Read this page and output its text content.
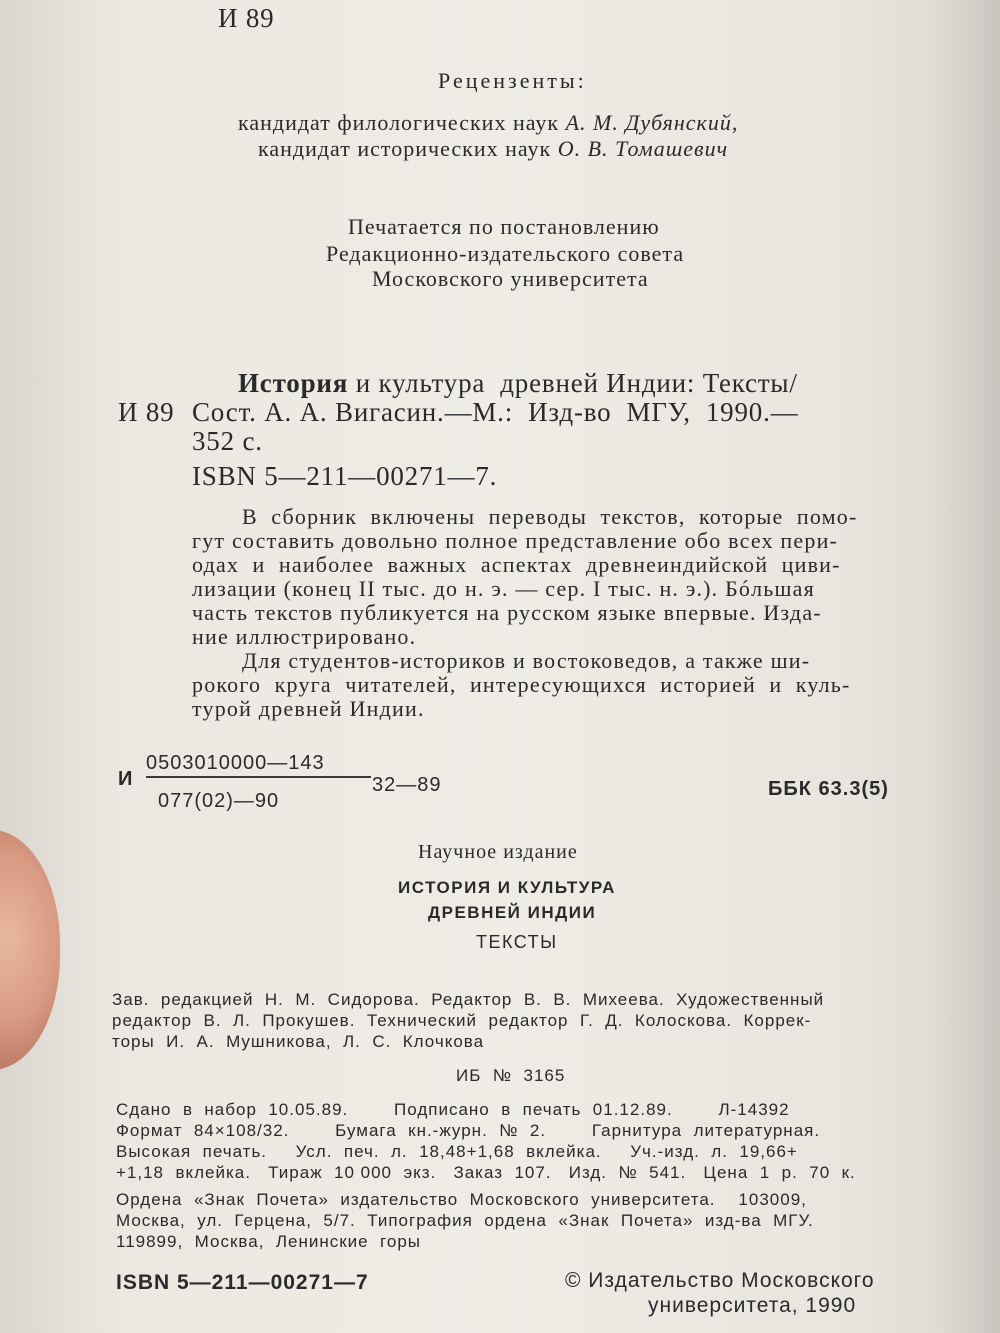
И 89
Рецензенты:
кандидат филологических наук А. М. Дубянский,
кандидат исторических наук О. В. Томашевич
Печатается по постановлению
Редакционно-издательского совета
Московского университета
История и культура  древней Индии: Тексты/
И 89 Сост. А. А. Вигасин.—М.:  Изд-во  МГУ,  1990.—
352 с.
ISBN 5—211—00271—7.
В  сборник  включены  переводы  текстов,  которые  помо-
гут составить довольно полное представление обо всех пери-
одах  и  наиболее  важных  аспектах  древнеиндийской  циви-
лизации (конец II тыс. до н. э. — сер. I тыс. н. э.). Бóльшая
часть текстов публикуется на русском языке впервые. Изда-
ние иллюстрировано.
Для студентов-историков и востоковедов, а также ши-
рокого  круга  читателей,  интересующихся  историей  и  куль-
турой древней Индии.
И
0503010000—143
077(02)—90
32—89	ББК 63.3(5)
Научное издание
ИСТОРИЯ И КУЛЬТУРА
ДРЕВНЕЙ ИНДИИ
ТЕКСТЫ
Зав.  редакцией  Н.  М.  Сидорова.  Редактор  В.  В.  Михеева.  Художественный
редактор  В.  Л.  Прокушев.  Технический  редактор  Г.  Д.  Колоскова.  Коррек-
торы  И.  А.  Мушникова,  Л.  С.  Клочкова
ИБ  №  3165
Сдано  в  набор  10.05.89.        Подписано  в  печать  01.12.89.        Л-14392
Формат  84×108/32.        Бумага  кн.-журн.  №  2.        Гарнитура  литературная.
Высокая  печать.     Усл.  печ.  л.  18,48+1,68  вклейка.     Уч.-изд.  л.  19,66+
+1,18  вклейка.   Тираж  10 000  экз.   Заказ  107.   Изд.  №  541.   Цена  1  р.  70  к.
Ордена  «Знак  Почета»  издательство  Московского  университета.    103009,
Москва,  ул.  Герцена,  5/7.  Типография  ордена  «Знак  Почета»  изд-ва  МГУ.
119899,  Москва,  Ленинские  горы
ISBN 5—211—00271—7	© Издательство Московского
университета, 1990
